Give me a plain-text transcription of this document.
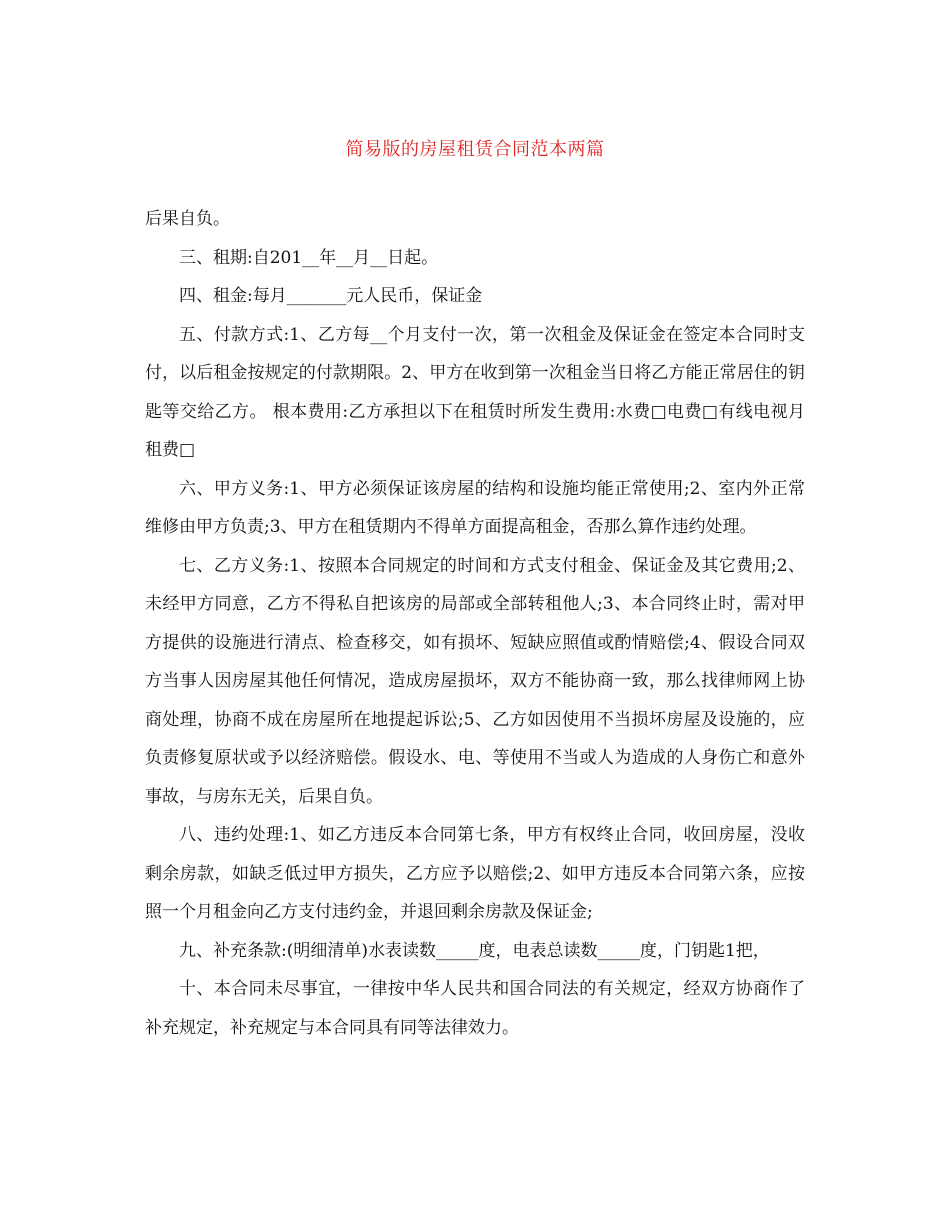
简易版的房屋租赁合同范本两篇

后果自负。

三、租期:自201__年__月__日起。

四、租金:每月_______元人民币，保证金

五、付款方式:1、乙方每__个月支付一次，第一次租金及保证金在签定本合同时支付，以后租金按规定的付款期限。2、甲方在收到第一次租金当日将乙方能正常居住的钥匙等交给乙方。 根本费用:乙方承担以下在租赁时所发生费用:水费□电费□有线电视月租费□

六、甲方义务:1、甲方必须保证该房屋的结构和设施均能正常使用;2、室内外正常维修由甲方负责;3、甲方在租赁期内不得单方面提高租金，否那么算作违约处理。

七、乙方义务:1、按照本合同规定的时间和方式支付租金、保证金及其它费用;2、未经甲方同意，乙方不得私自把该房的局部或全部转租他人;3、本合同终止时，需对甲方提供的设施进行清点、检查移交，如有损坏、短缺应照值或酌情赔偿;4、假设合同双方当事人因房屋其他任何情况，造成房屋损坏，双方不能协商一致，那么找律师网上协商处理，协商不成在房屋所在地提起诉讼;5、乙方如因使用不当损坏房屋及设施的，应负责修复原状或予以经济赔偿。假设水、电、等使用不当或人为造成的人身伤亡和意外事故，与房东无关，后果自负。

八、违约处理:1、如乙方违反本合同第七条，甲方有权终止合同，收回房屋，没收剩余房款，如缺乏低过甲方损失，乙方应予以赔偿;2、如甲方违反本合同第六条，应按照一个月租金向乙方支付违约金，并退回剩余房款及保证金;

九、补充条款:(明细清单)水表读数_____度，电表总读数_____度，门钥匙1把，

十、本合同未尽事宜，一律按中华人民共和国合同法的有关规定，经双方协商作了补充规定，补充规定与本合同具有同等法律效力。
